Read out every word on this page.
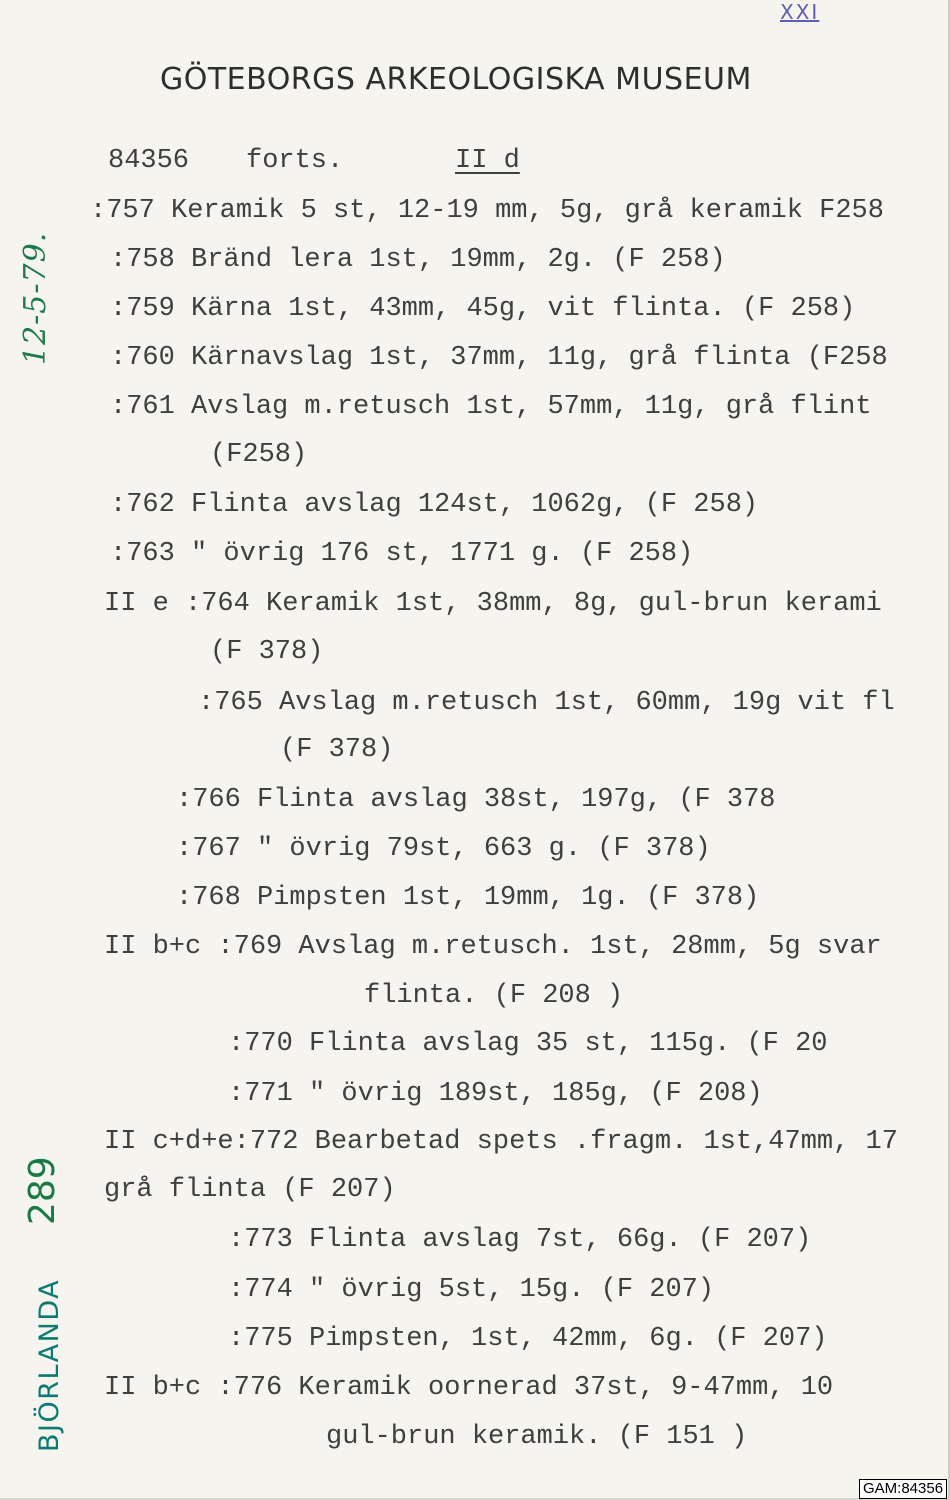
XXI
GÖTEBORGS ARKEOLOGISKA MUSEUM
84356 forts.	II d
:757 Keramik 5 st, 12-19 mm, 5g, grå keramik F258
:758 Bränd lera 1st, 19mm, 2g. (F 258)
:759 Kärna 1st, 43mm, 45g, vit flinta. (F 258)
:760 Kärnavslag 1st, 37mm, 11g, grå flinta (F258
:761 Avslag m.retusch 1st, 57mm, 11g, grå flint
(F258)
:762 Flinta avslag 124st, 1062g, (F 258)
:763 " övrig 176 st, 1771 g. (F 258)
II e :764 Keramik 1st, 38mm, 8g, gul-brun kerami
(F 378)
:765 Avslag m.retusch 1st, 60mm, 19g vit fl
(F 378)
:766 Flinta avslag 38st, 197g, (F 378
:767 " övrig 79st, 663 g. (F 378)
:768 Pimpsten 1st, 19mm, 1g. (F 378)
II b+c :769 Avslag m.retusch. 1st, 28mm, 5g svar
flinta. (F 208 )
:770 Flinta avslag 35 st, 115g. (F 20
:771 " övrig 189st, 185g, (F 208)
II c+d+e:772 Bearbetad spets .fragm. 1st,47mm, 17
grå flinta (F 207)
:773 Flinta avslag 7st, 66g. (F 207)
:774 " övrig 5st, 15g. (F 207)
:775 Pimpsten, 1st, 42mm, 6g. (F 207)
II b+c :776 Keramik oornerad 37st, 9-47mm, 10
gul-brun keramik. (F 151 )
12-5-79.
289
BJÖRLANDA
GAM:84356
